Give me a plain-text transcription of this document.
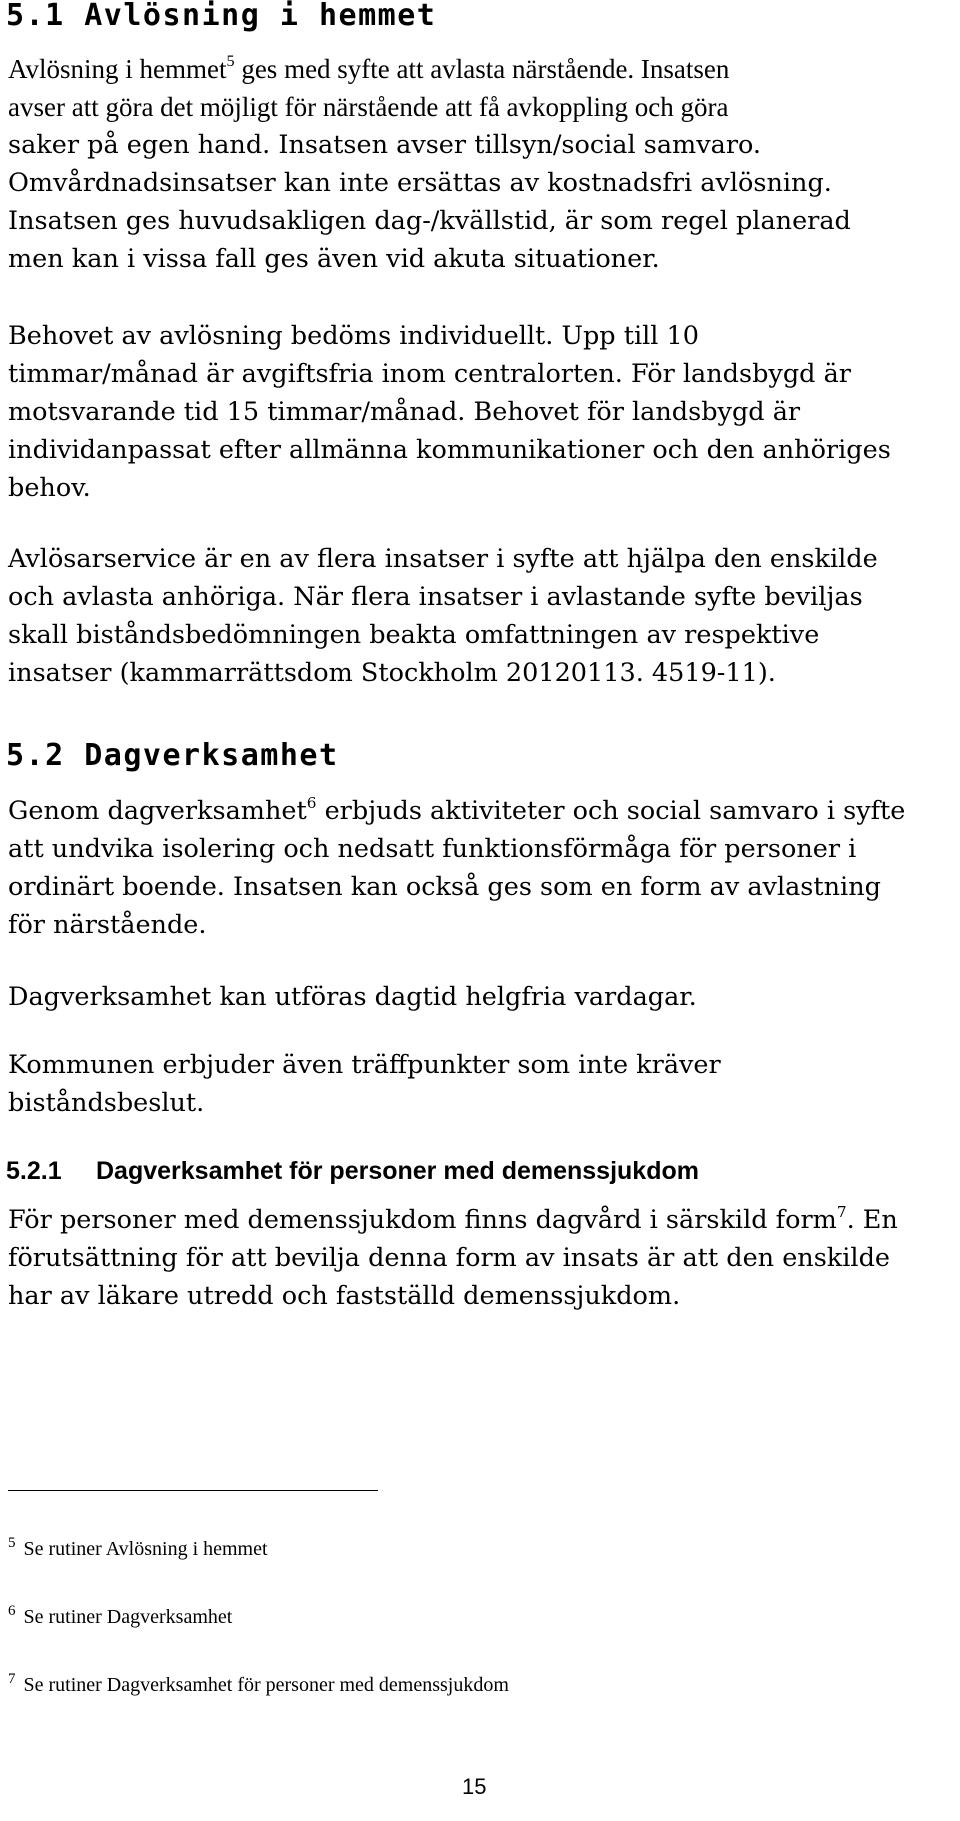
5.1 Avlösning i hemmet
Avlösning i hemmet$^5$ ges med syfte att avlasta närstående. Insatsen
avser att göra det möjligt för närstående att få avkoppling och göra
saker på egen hand. Insatsen avser tillsyn/social samvaro.
Omvårdnadsinsatser kan inte ersättas av kostnadsfri avlösning.
Insatsen ges huvudsakligen dag-/kvällstid, är som regel planerad
men kan i vissa fall ges även vid akuta situationer.
Behovet av avlösning bedöms individuellt. Upp till 10
timmar/månad är avgiftsfria inom centralorten. För landsbygd är
motsvarande tid 15 timmar/månad. Behovet för landsbygd är
individanpassat efter allmänna kommunikationer och den anhöriges
behov.
Avlösarservice är en av flera insatser i syfte att hjälpa den enskilde
och avlasta anhöriga. När flera insatser i avlastande syfte beviljas
skall biståndsbedömningen beakta omfattningen av respektive
insatser (kammarrättsdom Stockholm 20120113. 4519-11).
5.2 Dagverksamhet
Genom dagverksamhet$^6$ erbjuds aktiviteter och social samvaro i syfte
att undvika isolering och nedsatt funktionsförmåga för personer i
ordinärt boende. Insatsen kan också ges som en form av avlastning
för närstående.
Dagverksamhet kan utföras dagtid helgfria vardagar.
Kommunen erbjuder även träffpunkter som inte kräver
biståndsbeslut.
5.2.1 Dagverksamhet för personer med demenssjukdom
För personer med demenssjukdom finns dagvård i särskild form$^7$. En
förutsättning för att bevilja denna form av insats är att den enskilde
har av läkare utredd och fastställd demenssjukdom.

$^5$ Se rutiner Avlösning i hemmet

$^6$ Se rutiner Dagverksamhet

$^7$ Se rutiner Dagverksamhet för personer med demenssjukdom

15
